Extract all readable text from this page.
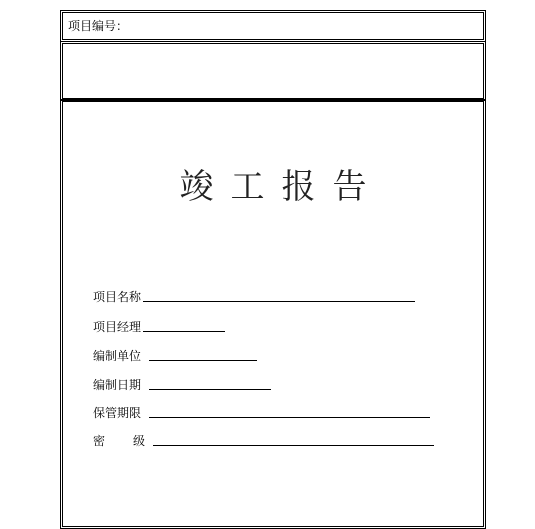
项目编号：
竣工报告
项目名称
项目经理
编制单位
编制日期
保管期限
密 级
